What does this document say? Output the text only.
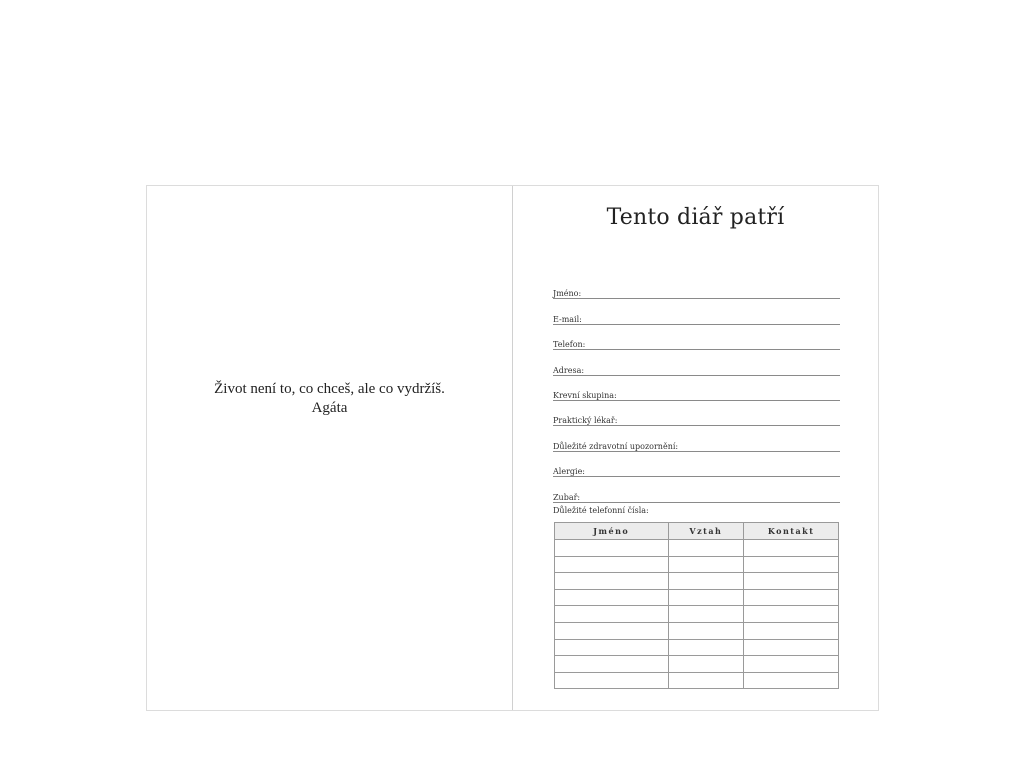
Život není to, co chceš, ale co vydržíš.
Agáta
Tento diář patří
Jméno:
E-mail:
Telefon:
Adresa:
Krevní skupina:
Praktický lékař:
Důležité zdravotní upozornění:
Alergie:
Zubař:
Důležité telefonní čísla:
Jméno	Vztah	Kontakt
